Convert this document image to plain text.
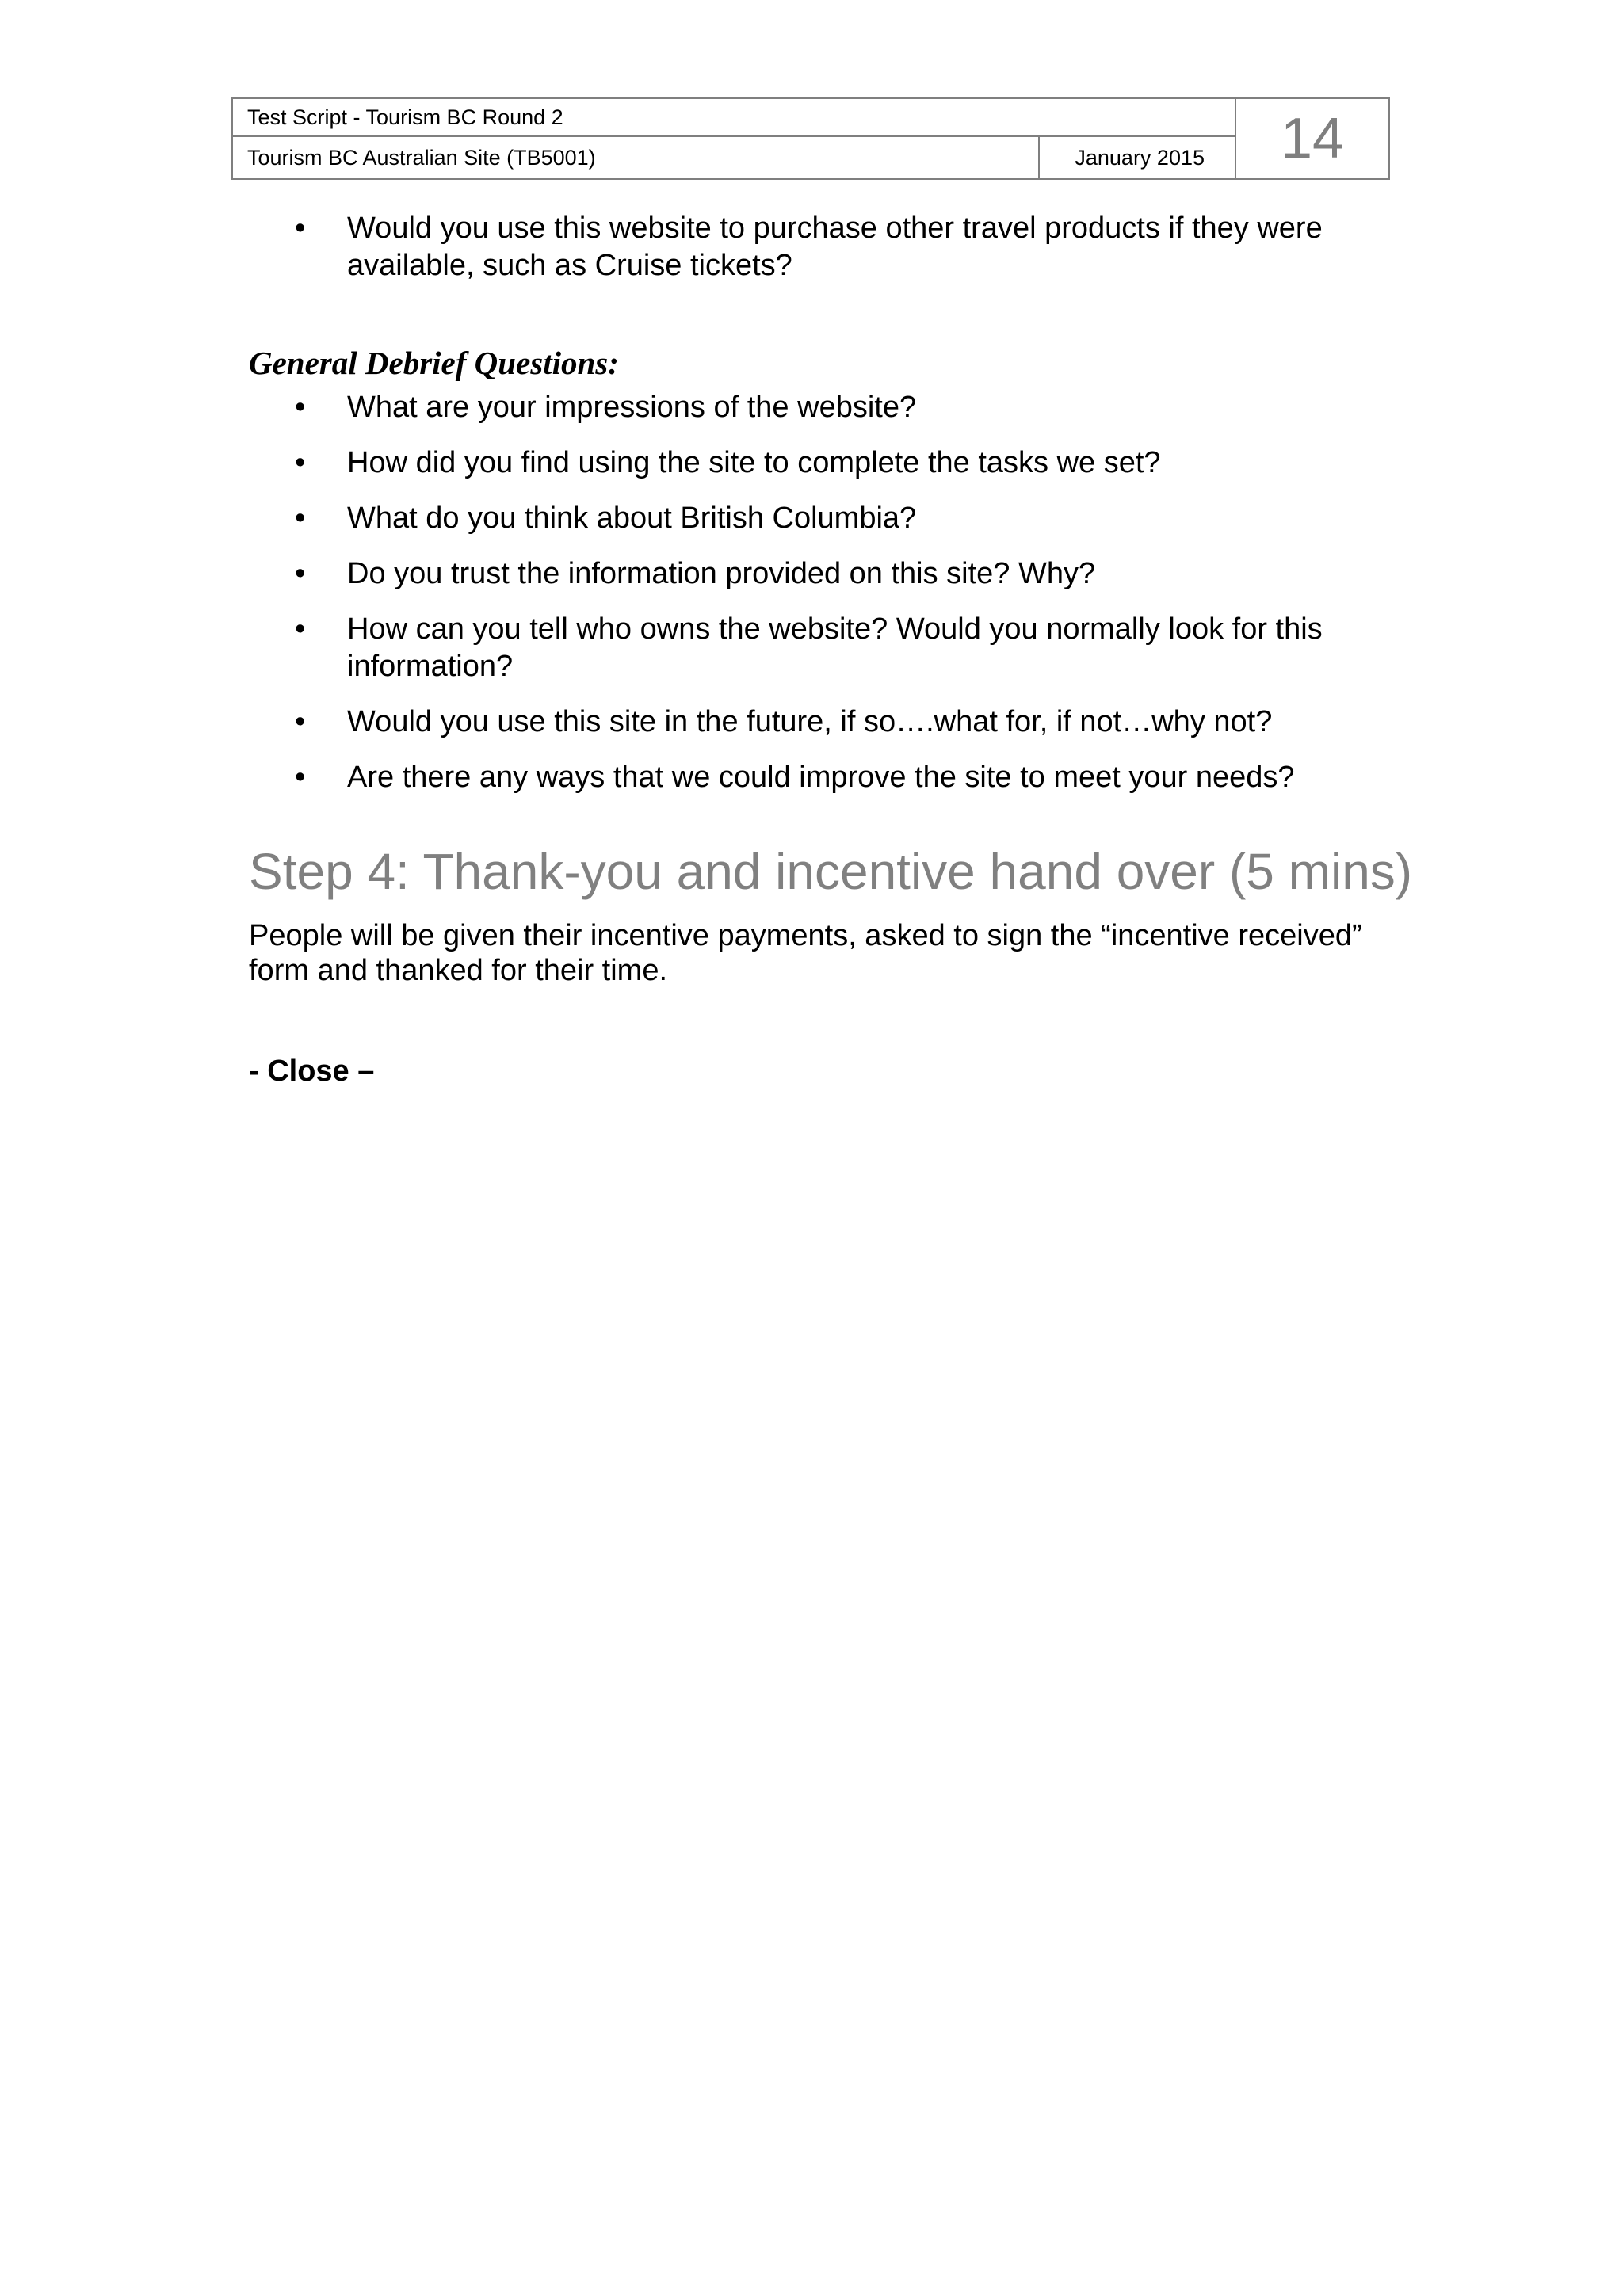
Test Script - Tourism BC Round 2		14
Tourism BC Australian Site (TB5001)	January 2015	
• Would you use this website to purchase other travel products if they were available, such as Cruise tickets?
General Debrief Questions:
• What are your impressions of the website?
• How did you find using the site to complete the tasks we set?
• What do you think about British Columbia?
• Do you trust the information provided on this site? Why?
• How can you tell who owns the website? Would you normally look for this information?
• Would you use this site in the future, if so….what for, if not…why not?
• Are there any ways that we could improve the site to meet your needs?
Step 4: Thank-you and incentive hand over (5 mins)

People will be given their incentive payments, asked to sign the “incentive received” form and thanked for their time.

- Close –
